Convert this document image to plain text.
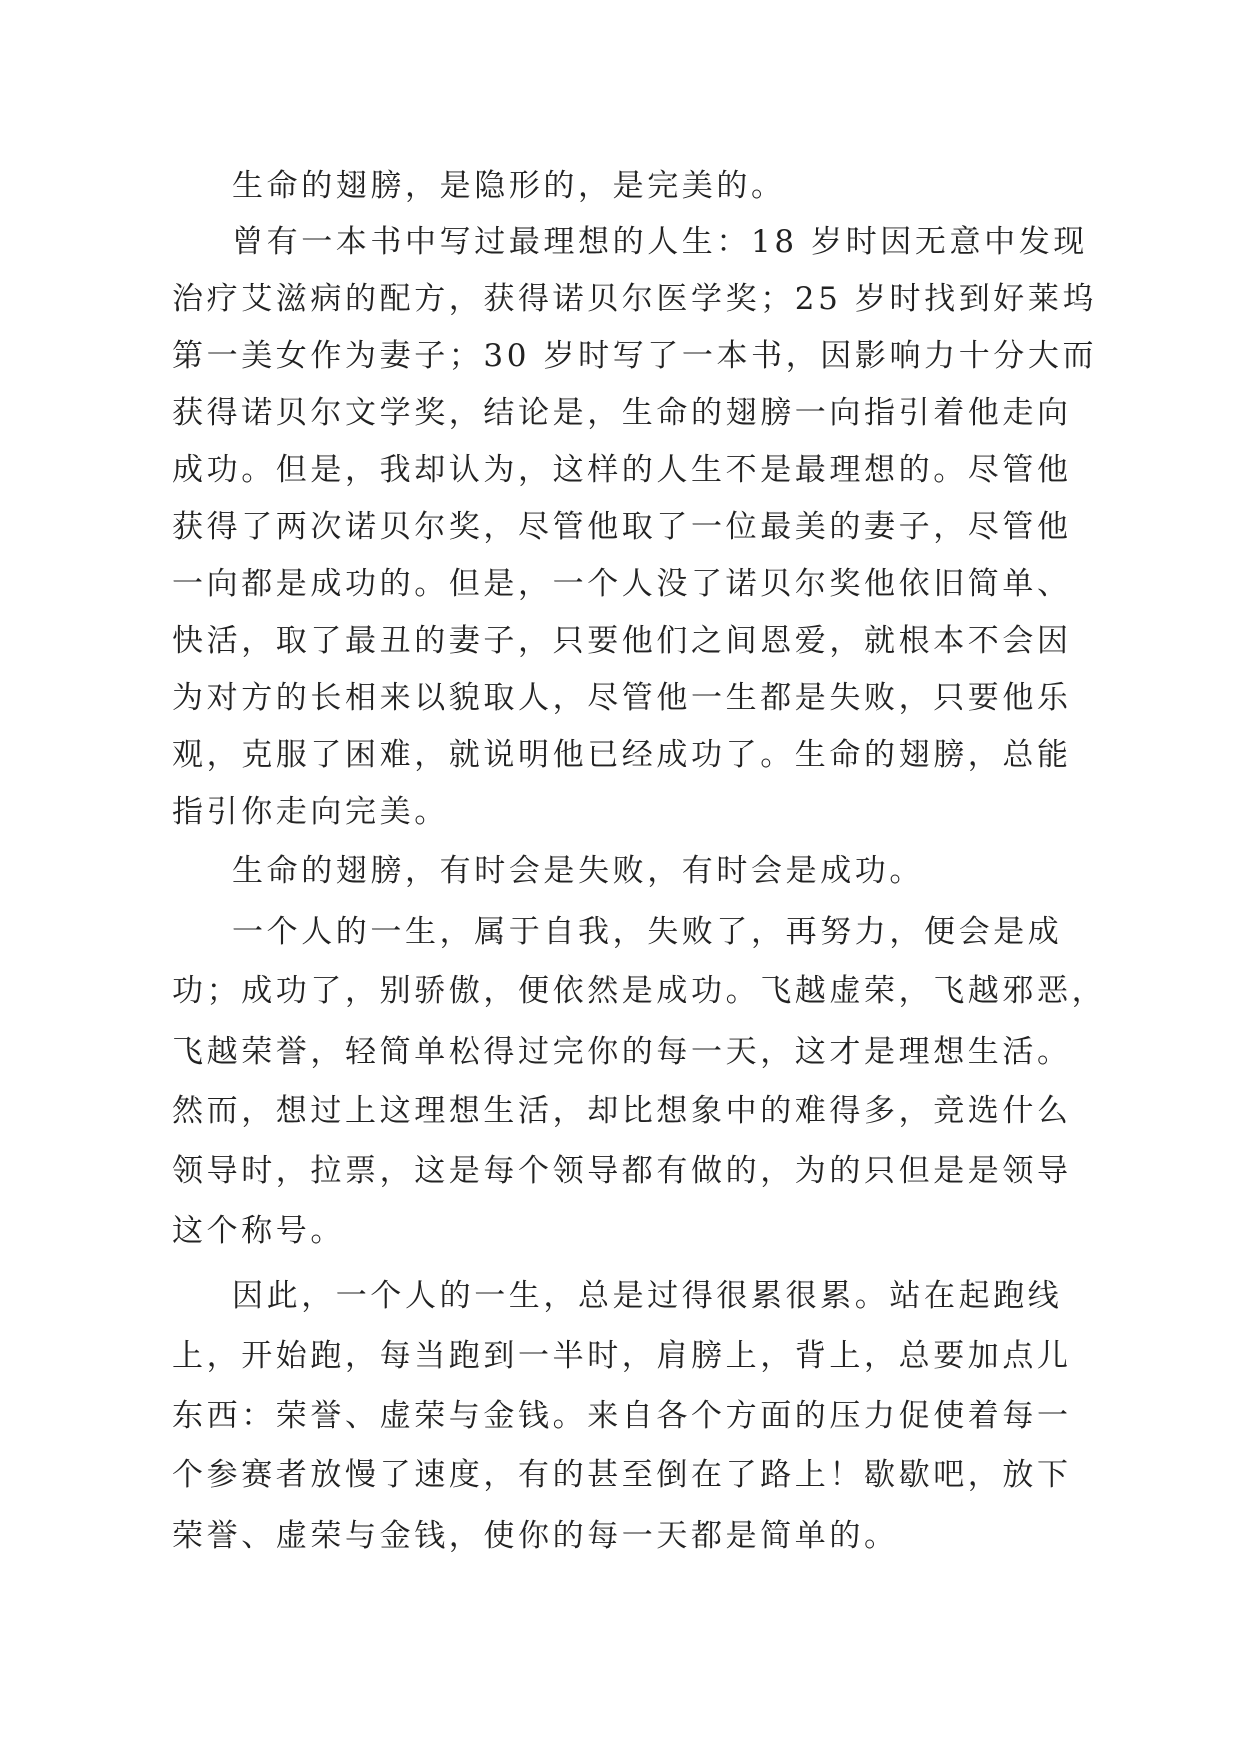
生命的翅膀，是隐形的，是完美的。
曾有一本书中写过最理想的人生：18 岁时因无意中发现
治疗艾滋病的配方，获得诺贝尔医学奖；25 岁时找到好莱坞
第一美女作为妻子；30 岁时写了一本书，因影响力十分大而
获得诺贝尔文学奖，结论是，生命的翅膀一向指引着他走向
成功。但是，我却认为，这样的人生不是最理想的。尽管他
获得了两次诺贝尔奖，尽管他取了一位最美的妻子，尽管他
一向都是成功的。但是，一个人没了诺贝尔奖他依旧简单、
快活，取了最丑的妻子，只要他们之间恩爱，就根本不会因
为对方的长相来以貌取人，尽管他一生都是失败，只要他乐
观，克服了困难，就说明他已经成功了。生命的翅膀，总能
指引你走向完美。
生命的翅膀，有时会是失败，有时会是成功。
一个人的一生，属于自我，失败了，再努力，便会是成
功；成功了，别骄傲，便依然是成功。飞越虚荣，飞越邪恶，
飞越荣誉，轻简单松得过完你的每一天，这才是理想生活。
然而，想过上这理想生活，却比想象中的难得多，竞选什么
领导时，拉票，这是每个领导都有做的，为的只但是是领导
这个称号。
因此，一个人的一生，总是过得很累很累。站在起跑线
上，开始跑，每当跑到一半时，肩膀上，背上，总要加点儿
东西：荣誉、虚荣与金钱。来自各个方面的压力促使着每一
个参赛者放慢了速度，有的甚至倒在了路上！歇歇吧，放下
荣誉、虚荣与金钱，使你的每一天都是简单的。
